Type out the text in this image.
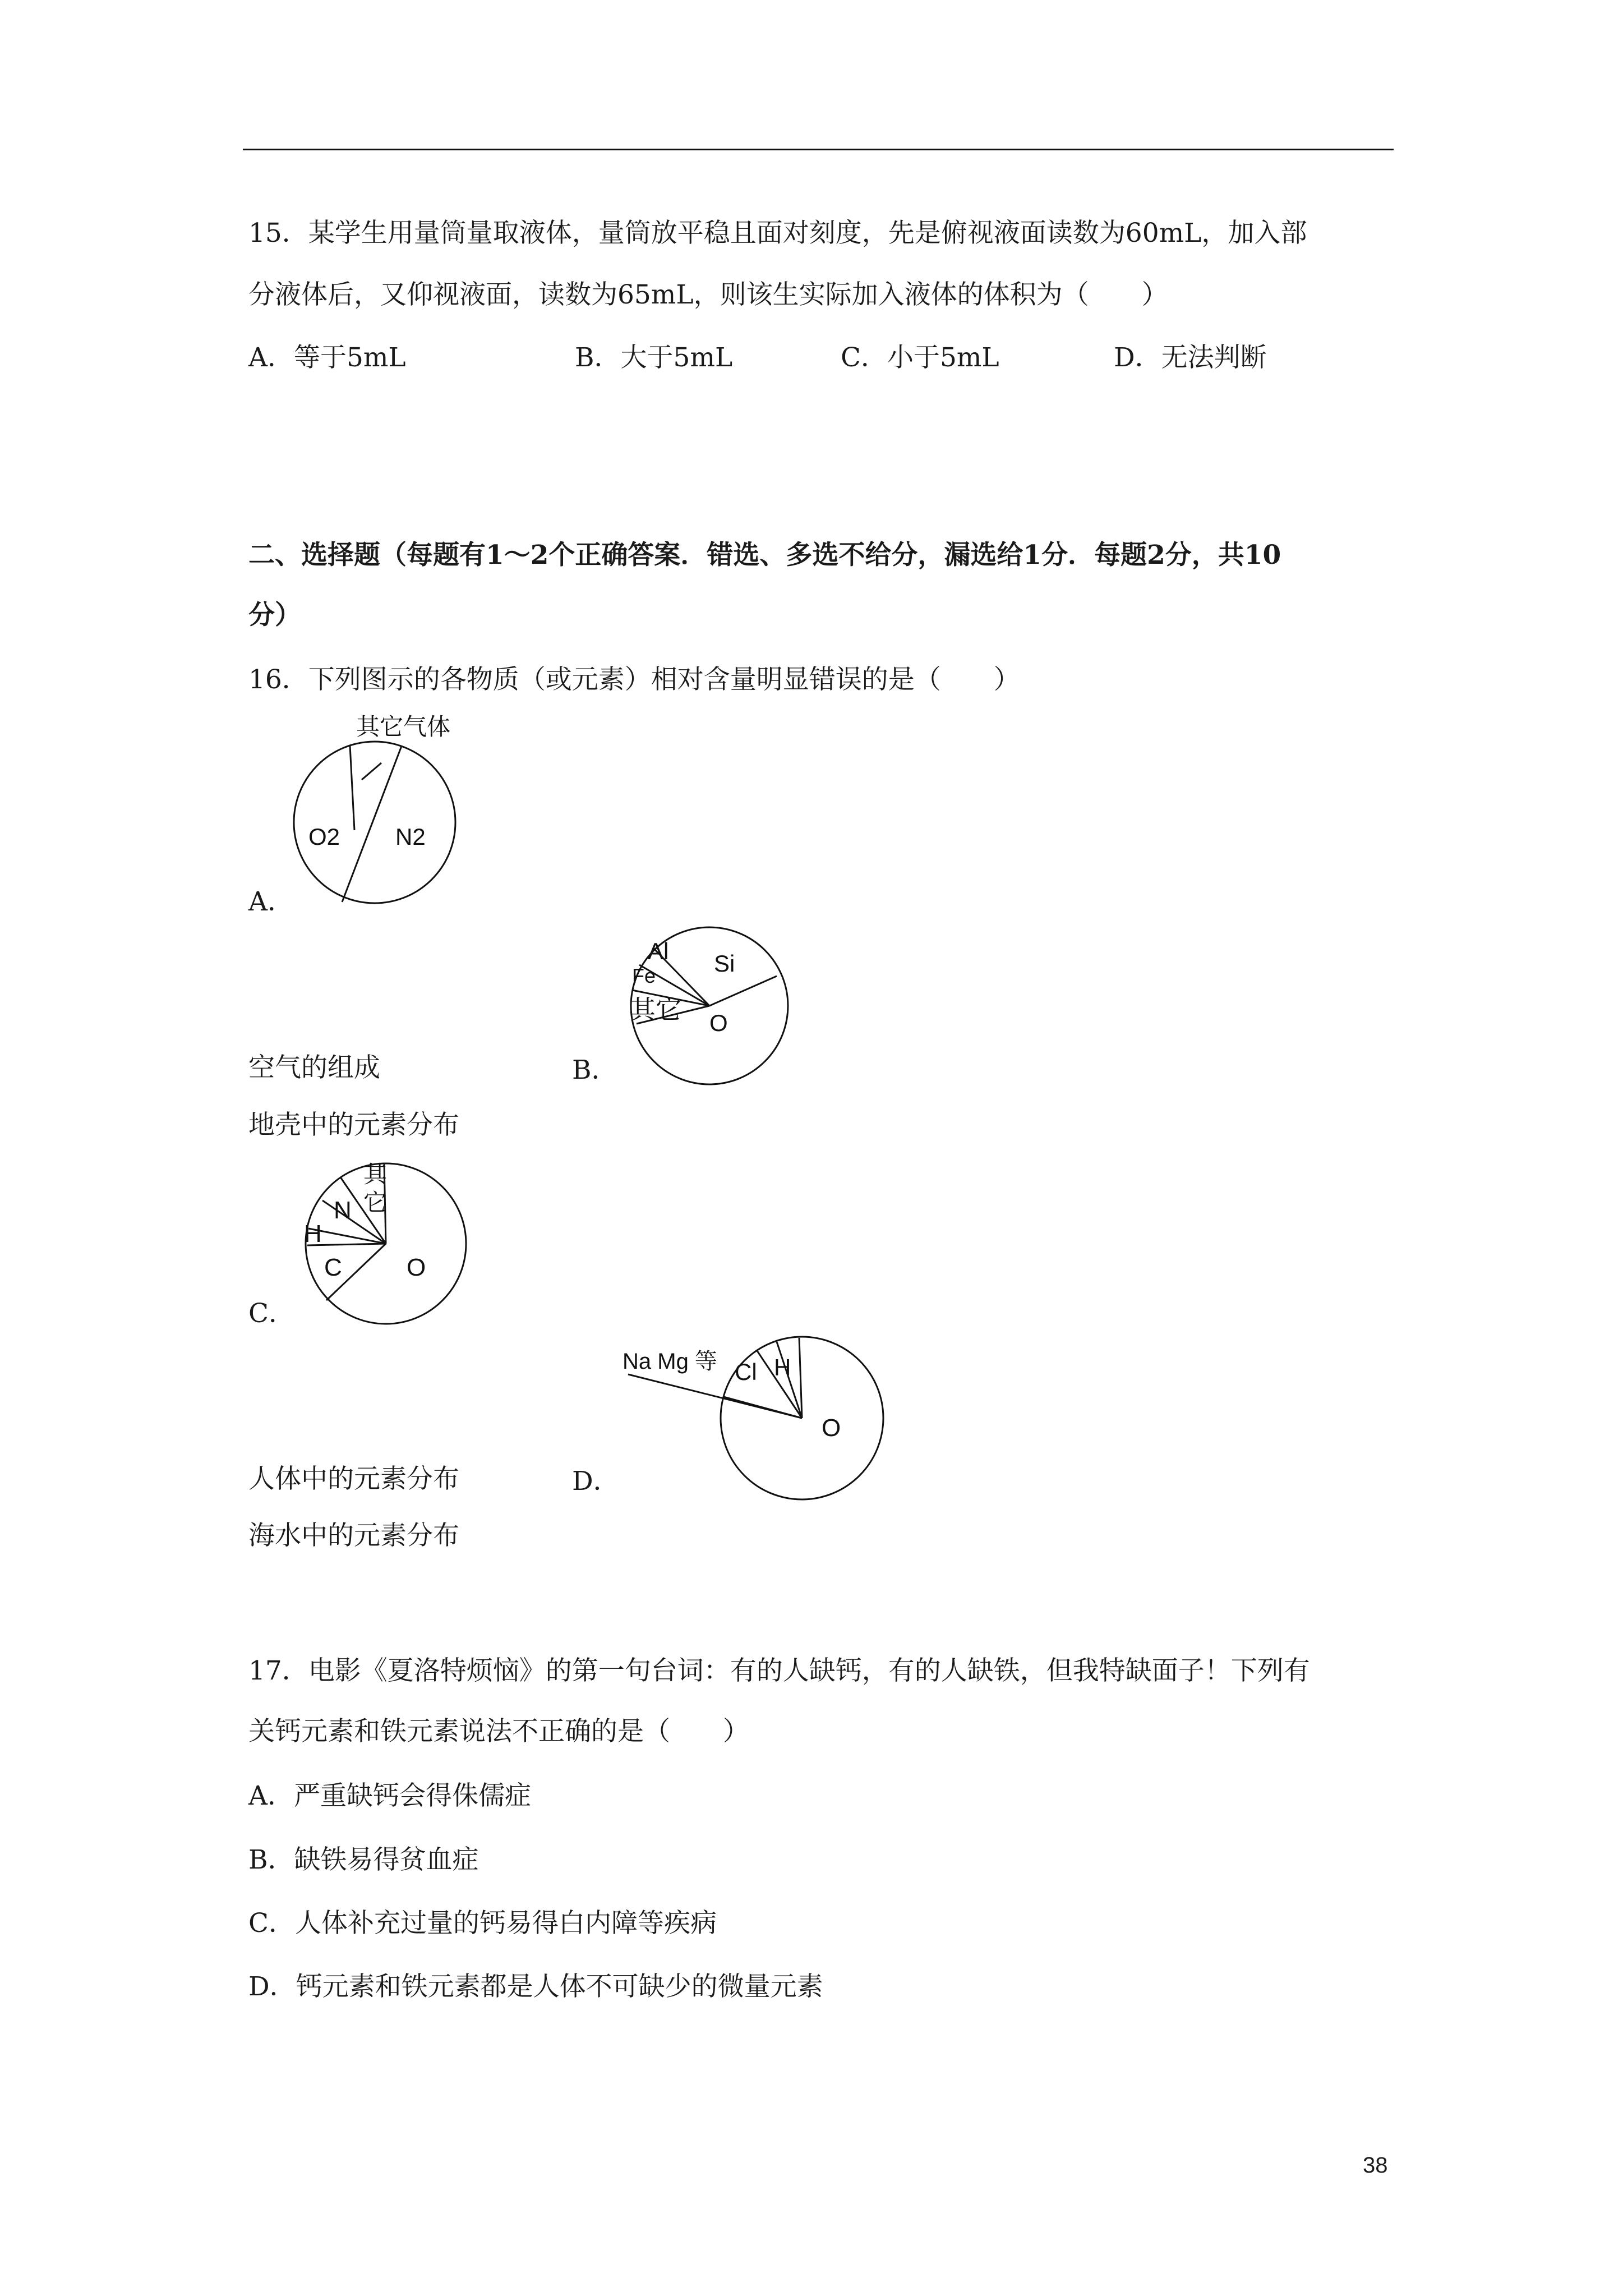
15．某学生用量筒量取液体，量筒放平稳且面对刻度，先是俯视液面读数为60mL，加入部
分液体后，又仰视液面，读数为65mL，则该生实际加入液体的体积为（　　）
A．等于5mL	B．大于5mL	C．小于5mL	D．无法判断
二、选择题（每题有1～2个正确答案．错选、多选不给分，漏选给1分．每题2分，共10
分）
16．下列图示的各物质（或元素）相对含量明显错误的是（　　）
其它气体
O2 N2
A．
Al
Fe Si
其它 O
空气的组成	B．
地壳中的元素分布
其
它
N
H
C	O
C．
Na Mg 等 Cl H
O
人体中的元素分布	D．
海水中的元素分布
17．电影《夏洛特烦恼》的第一句台词：有的人缺钙，有的人缺铁，但我特缺面子！下列有
关钙元素和铁元素说法不正确的是（　　）
A．严重缺钙会得侏儒症
B．缺铁易得贫血症
C．人体补充过量的钙易得白内障等疾病
D．钙元素和铁元素都是人体不可缺少的微量元素
38
